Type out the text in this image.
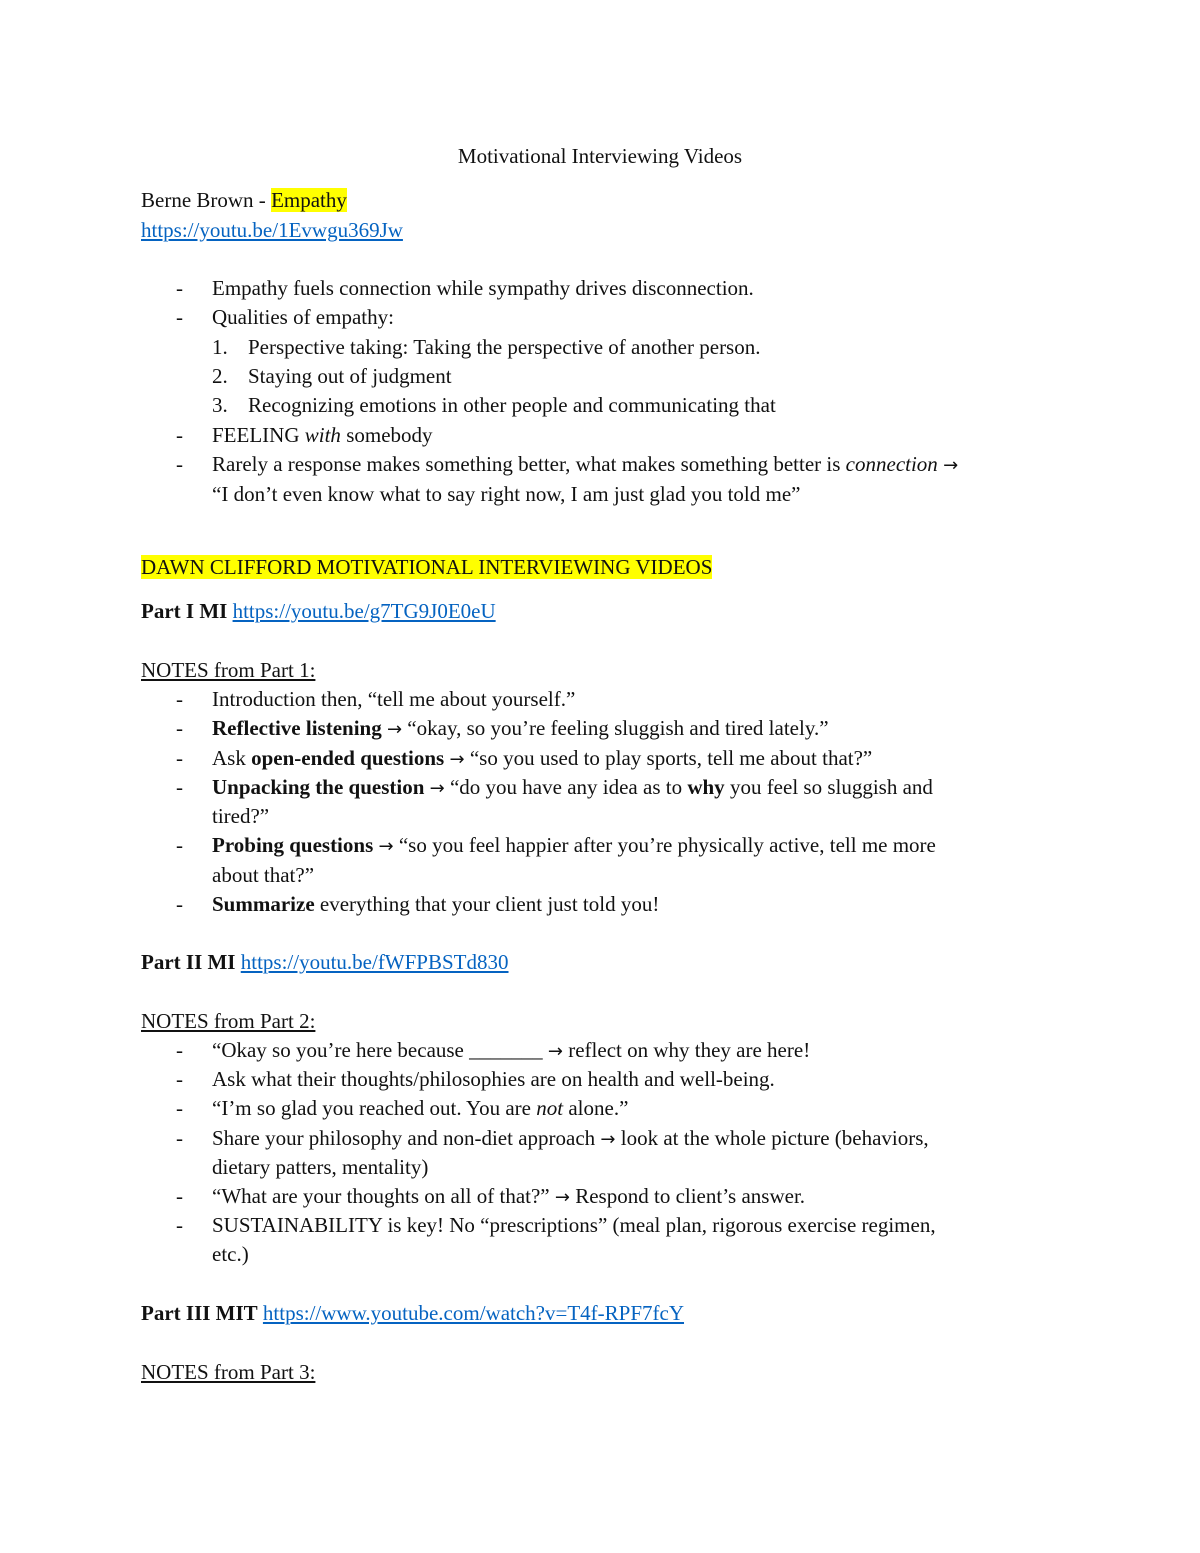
Motivational Interviewing Videos
Berne Brown - Empathy
https://youtu.be/1Evwgu369Jw
- Empathy fuels connection while sympathy drives disconnection.
- Qualities of empathy:
1. Perspective taking: Taking the perspective of another person.
2. Staying out of judgment
3. Recognizing emotions in other people and communicating that
- FEELING with somebody
- Rarely a response makes something better, what makes something better is connection →
“I don’t even know what to say right now, I am just glad you told me”
DAWN CLIFFORD MOTIVATIONAL INTERVIEWING VIDEOS
Part I MI https://youtu.be/g7TG9J0E0eU
NOTES from Part 1:
- Introduction then, “tell me about yourself.”
- Reflective listening → “okay, so you’re feeling sluggish and tired lately.”
- Ask open-ended questions → “so you used to play sports, tell me about that?”
- Unpacking the question → “do you have any idea as to why you feel so sluggish and
tired?”
- Probing questions → “so you feel happier after you’re physically active, tell me more
about that?”
- Summarize everything that your client just told you!
Part II MI https://youtu.be/fWFPBSTd830
NOTES from Part 2:
- “Okay so you’re here because _______ → reflect on why they are here!
- Ask what their thoughts/philosophies are on health and well-being.
- “I’m so glad you reached out. You are not alone.”
- Share your philosophy and non-diet approach → look at the whole picture (behaviors,
dietary patters, mentality)
- “What are your thoughts on all of that?” → Respond to client’s answer.
- SUSTAINABILITY is key! No “prescriptions” (meal plan, rigorous exercise regimen,
etc.)
Part III MIT https://www.youtube.com/watch?v=T4f-RPF7fcY
NOTES from Part 3:
